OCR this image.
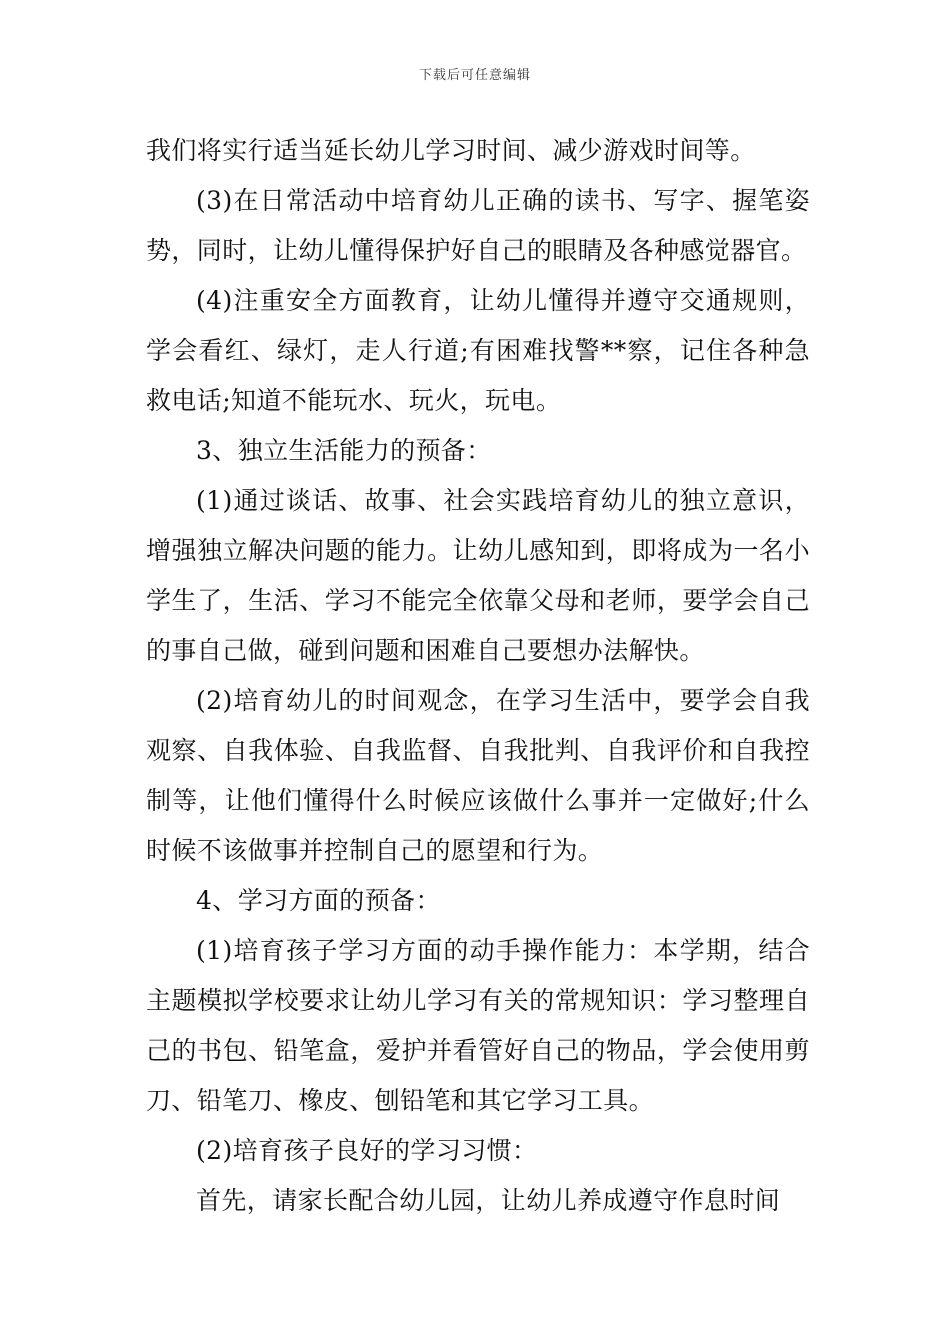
下载后可任意编辑

我们将实行适当延长幼儿学习时间、减少游戏时间等。

(3)在日常活动中培育幼儿正确的读书、写字、握笔姿势，同时，让幼儿懂得保护好自己的眼睛及各种感觉器官。

(4)注重安全方面教育，让幼儿懂得并遵守交通规则，学会看红、绿灯，走人行道;有困难找警**察，记住各种急救电话;知道不能玩水、玩火，玩电。

3、独立生活能力的预备：

(1)通过谈话、故事、社会实践培育幼儿的独立意识，增强独立解决问题的能力。让幼儿感知到，即将成为一名小学生了，生活、学习不能完全依靠父母和老师，要学会自己的事自己做，碰到问题和困难自己要想办法解快。

(2)培育幼儿的时间观念，在学习生活中，要学会自我观察、自我体验、自我监督、自我批判、自我评价和自我控制等，让他们懂得什么时候应该做什么事并一定做好;什么时候不该做事并控制自己的愿望和行为。

4、学习方面的预备：

(1)培育孩子学习方面的动手操作能力：本学期，结合主题模拟学校要求让幼儿学习有关的常规知识：学习整理自己的书包、铅笔盒，爱护并看管好自己的物品，学会使用剪刀、铅笔刀、橡皮、刨铅笔和其它学习工具。

(2)培育孩子良好的学习习惯：

首先，请家长配合幼儿园，让幼儿养成遵守作息时间
